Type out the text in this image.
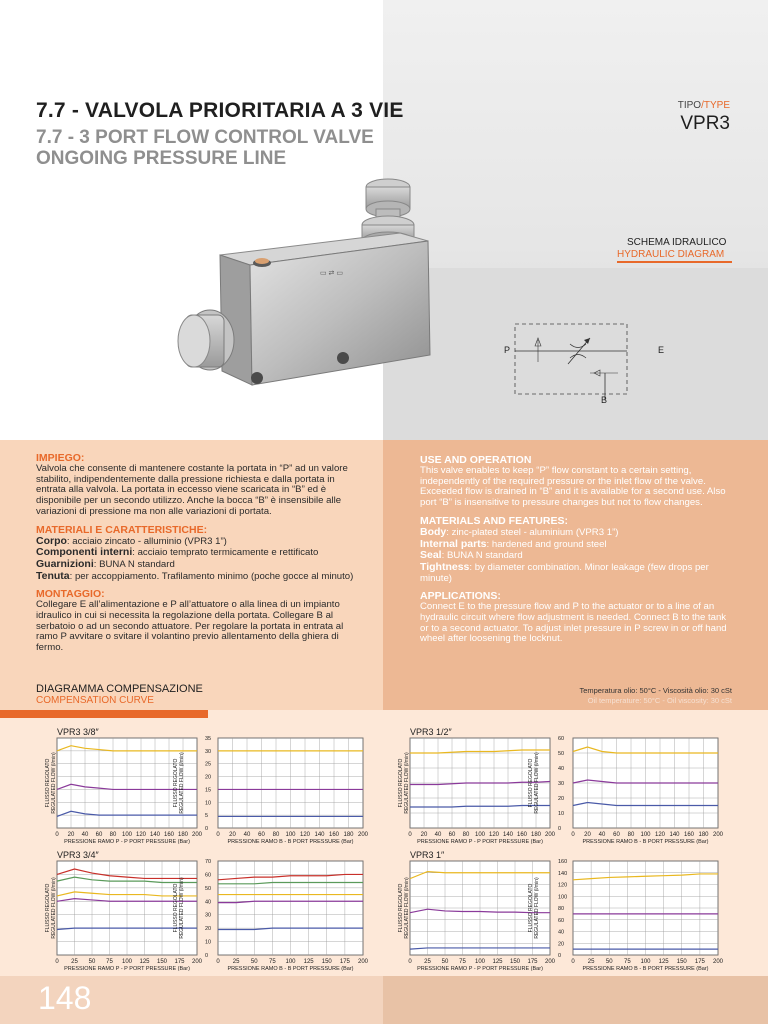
7.7 - VALVOLA PRIORITARIA A 3 VIE
7.7 - 3 PORT FLOW CONTROL VALVE
ONGOING PRESSURE LINE
TIPO/TYPE
VPR3
▭ ⇄ ▭
SCHEMA IDRAULICO
HYDRAULIC DIAGRAM
P	E
B
IMPIEGO:
Valvola che consente di mantenere costante la portata in “P” ad un valore stabilito, indipendentemente dalla pressione richiesta e dalla portata in entrata alla valvola. La portata in eccesso viene scaricata in “B” ed è disponibile per un secondo utilizzo. Anche la bocca “B” è insensibile alle variazioni di pressione ma non alle variazioni di portata.
MATERIALI E CARATTERISTICHE:
Corpo: acciaio zincato - alluminio (VPR3 1”)
Componenti interni: acciaio temprato termicamente e rettificato
Guarnizioni: BUNA N standard
Tenuta: per accoppiamento. Trafilamento minimo (poche gocce al minuto)
MONTAGGIO:
Collegare E all’alimentazione e P all’attuatore o alla linea di un impianto idraulico in cui si necessita la regolazione della portata. Collegare B al serbatoio o ad un secondo attuatore. Per regolare la portata in entrata al ramo P avvitare o svitare il volantino previo allentamento della ghiera di fermo.
USE AND OPERATION
This valve enables to keep “P” flow constant to a certain setting, independently of the required pressure or the inlet flow of the valve. Exceeded flow is drained in “B” and it is available for a second use. Also port “B” is insensitive to pressure changes but not to flow changes.
MATERIALS AND FEATURES:
Body: zinc-plated steel - aluminium (VPR3 1”)
Internal parts: hardened and ground steel
Seal: BUNA N standard
Tightness: by diameter combination. Minor leakage (few drops per minute)
APPLICATIONS:
Connect E to the pressure flow and P to the actuator or to a line of an hydraulic circuit where flow adjustment is needed. Connect B to the tank or to a second actuator. To adjust inlet pressure in P screw in or off hand wheel after loosening the locknut.
DIAGRAMMA COMPENSAZIONE
COMPENSATION CURVE
Temperatura olio: 50°C - Viscosità olio: 30 cSt
Oil temperature: 50°C - Oil viscosity: 30 cSt
0 20 40 60 80 100 120 140 160 180 200
0
5
10
15
20
25
30
35
VPR3 3/8″
PRESSIONE RAMO P - P PORT PRESSURE (Bar)
FLUSSO REGOLATO REGULATED FLOW (l/min)
0 20 40 60 80 100 120 140 160 180 200
PRESSIONE RAMO B - B PORT PRESSURE (Bar)
FLUSSO REGOLATO REGULATED FLOW (l/min)
0 20 40 60 80 100 120 140 160 180 200
0
10
20
30
40
50
60
VPR3 1/2″
PRESSIONE RAMO P - P PORT PRESSURE (Bar)
FLUSSO REGOLATO REGULATED FLOW (l/min)
0 20 40 60 80 100 120 140 160 180 200
PRESSIONE RAMO B - B PORT PRESSURE (Bar)
FLUSSO REGOLATO REGULATED FLOW (l/min)
0 25 50 75 100 125 150 175 200
0
10
20
30
40
50
60
70
VPR3 3/4″
PRESSIONE RAMO P - P PORT PRESSURE (Bar)
FLUSSO REGOLATO REGULATED FLOW (l/min)
0 25 50 75 100 125 150 175 200
PRESSIONE RAMO B - B PORT PRESSURE (Bar)
FLUSSO REGOLATO REGULATED FLOW (l/min)
0 25 50 75 100 125 150 175 200
0
20
40
60
80
100
120
140
160
VPR3 1″
PRESSIONE RAMO P - P PORT PRESSURE (Bar)
FLUSSO REGOLATO REGULATED FLOW (l/min)
0 25 50 75 100 125 150 175 200
PRESSIONE RAMO B - B PORT PRESSURE (Bar)
FLUSSO REGOLATO REGULATED FLOW (l/min)
148
